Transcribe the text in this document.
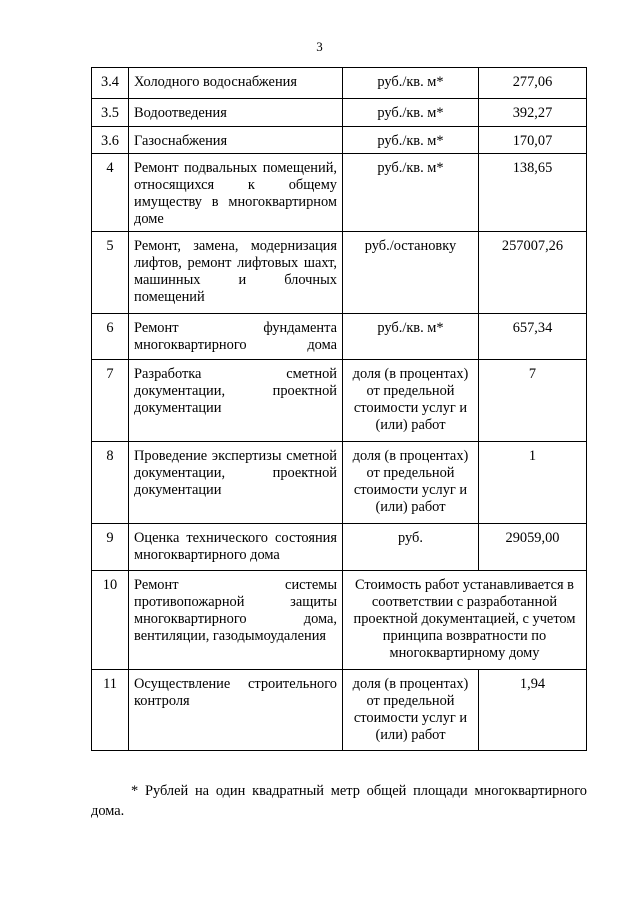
3
3.4	Холодного водоснабжения	руб./кв. м*	277,06
3.5	Водоотведения	руб./кв. м*	392,27
3.6	Газоснабжения	руб./кв. м*	170,07
4	Ремонт подвальных помещений, относящихся к общему имуществу в многоквартирном доме	руб./кв. м*	138,65
5	Ремонт, замена, модернизация лифтов, ремонт лифтовых шахт, машинных и блочных помещений	руб./остановку	257007,26
6	Ремонт фундамента многоквартирного дома	руб./кв. м*	657,34
7	Разработка сметной документации, проектной документации	доля (в процентах) от предельной стоимости услуг и (или) работ	7
8	Проведение экспертизы сметной документации, проектной документации	доля (в процентах) от предельной стоимости услуг и (или) работ	1
9	Оценка технического состояния многоквартирного дома	руб.	29059,00
10	Ремонт системы противопожарной защиты многоквартирного дома, вентиляции, газодымоудаления	Стоимость работ устанавливается в соответствии с разработанной проектной документацией, с учетом принципа возвратности по многоквартирному дому	
11	Осуществление строительного контроля	доля (в процентах) от предельной стоимости услуг и (или) работ	1,94

* Рублей на один квадратный метр общей площади многоквартирного дома.
